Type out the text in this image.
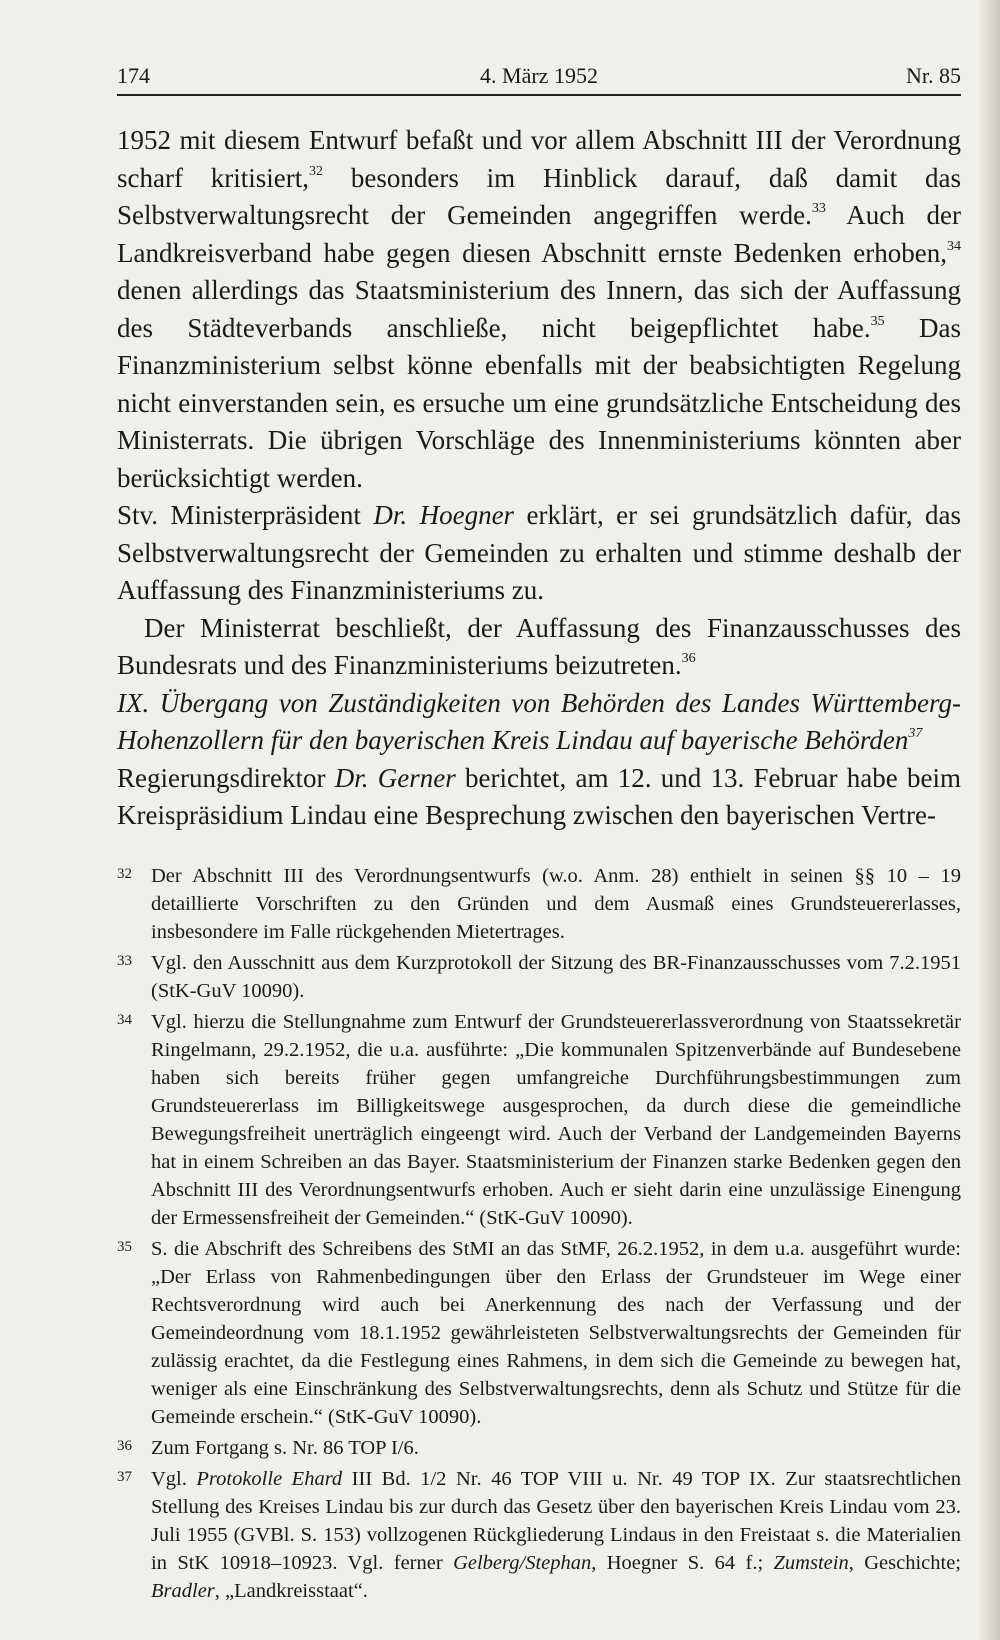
174	4. März 1952	Nr. 85

1952 mit diesem Entwurf befaßt und vor allem Abschnitt III der Verordnung scharf kritisiert,$^{32}$ besonders im Hinblick darauf, daß damit das Selbstverwaltungsrecht der Gemeinden angegriffen werde.$^{33}$ Auch der Landkreisverband habe gegen diesen Abschnitt ernste Bedenken erhoben,$^{34}$ denen allerdings das Staatsministerium des Innern, das sich der Auffassung des Städteverbands anschließe, nicht beigepflichtet habe.$^{35}$ Das Finanzministerium selbst könne ebenfalls mit der beabsichtigten Regelung nicht einverstanden sein, es ersuche um eine grundsätzliche Entscheidung des Ministerrats. Die übrigen Vorschläge des Innenministeriums könnten aber berücksichtigt werden.

Stv. Ministerpräsident Dr. Hoegner erklärt, er sei grundsätzlich dafür, das Selbstverwaltungsrecht der Gemeinden zu erhalten und stimme deshalb der Auffassung des Finanzministeriums zu.

 Der Ministerrat beschließt, der Auffassung des Finanzausschusses des Bundesrats und des Finanzministeriums beizutreten.$^{36}$

IX. Übergang von Zuständigkeiten von Behörden des Landes Württemberg-Hohenzollern für den bayerischen Kreis Lindau auf bayerische Behörden$^{37}$

Regierungsdirektor Dr. Gerner berichtet, am 12. und 13. Februar habe beim Kreispräsidium Lindau eine Besprechung zwischen den bayerischen Vertre-

32 Der Abschnitt III des Verordnungsentwurfs (w.o. Anm. 28) enthielt in seinen §§ 10 – 19 detaillierte Vorschriften zu den Gründen und dem Ausmaß eines Grundsteuererlasses, insbesondere im Falle rückgehenden Mietertrages.
33 Vgl. den Ausschnitt aus dem Kurzprotokoll der Sitzung des BR-Finanzausschusses vom 7.2.1951 (StK-GuV 10090).
34 Vgl. hierzu die Stellungnahme zum Entwurf der Grundsteuererlassverordnung von Staatssekretär Ringelmann, 29.2.1952, die u.a. ausführte: „Die kommunalen Spitzenverbände auf Bundesebene haben sich bereits früher gegen umfangreiche Durchführungsbestimmungen zum Grundsteuererlass im Billigkeitswege ausgesprochen, da durch diese die gemeindliche Bewegungsfreiheit unerträglich eingeengt wird. Auch der Verband der Landgemeinden Bayerns hat in einem Schreiben an das Bayer. Staatsministerium der Finanzen starke Bedenken gegen den Abschnitt III des Verordnungsentwurfs erhoben. Auch er sieht darin eine unzulässige Einengung der Ermessensfreiheit der Gemeinden.“ (StK-GuV 10090).
35 S. die Abschrift des Schreibens des StMI an das StMF, 26.2.1952, in dem u.a. ausgeführt wurde: „Der Erlass von Rahmenbedingungen über den Erlass der Grundsteuer im Wege einer Rechtsverordnung wird auch bei Anerkennung des nach der Verfassung und der Gemeindeordnung vom 18.1.1952 gewährleisteten Selbstverwaltungsrechts der Gemeinden für zulässig erachtet, da die Festlegung eines Rahmens, in dem sich die Gemeinde zu bewegen hat, weniger als eine Einschränkung des Selbstverwaltungsrechts, denn als Schutz und Stütze für die Gemeinde erschein.“ (StK-GuV 10090).
36 Zum Fortgang s. Nr. 86 TOP I/6.
37 Vgl. Protokolle Ehard III Bd. 1/2 Nr. 46 TOP VIII u. Nr. 49 TOP IX. Zur staatsrechtlichen Stellung des Kreises Lindau bis zur durch das Gesetz über den bayerischen Kreis Lindau vom 23. Juli 1955 (GVBl. S. 153) vollzogenen Rückgliederung Lindaus in den Freistaat s. die Materialien in StK 10918–10923. Vgl. ferner Gelberg/Stephan, Hoegner S. 64 f.; Zumstein, Geschichte; Bradler, „Landkreisstaat“.
